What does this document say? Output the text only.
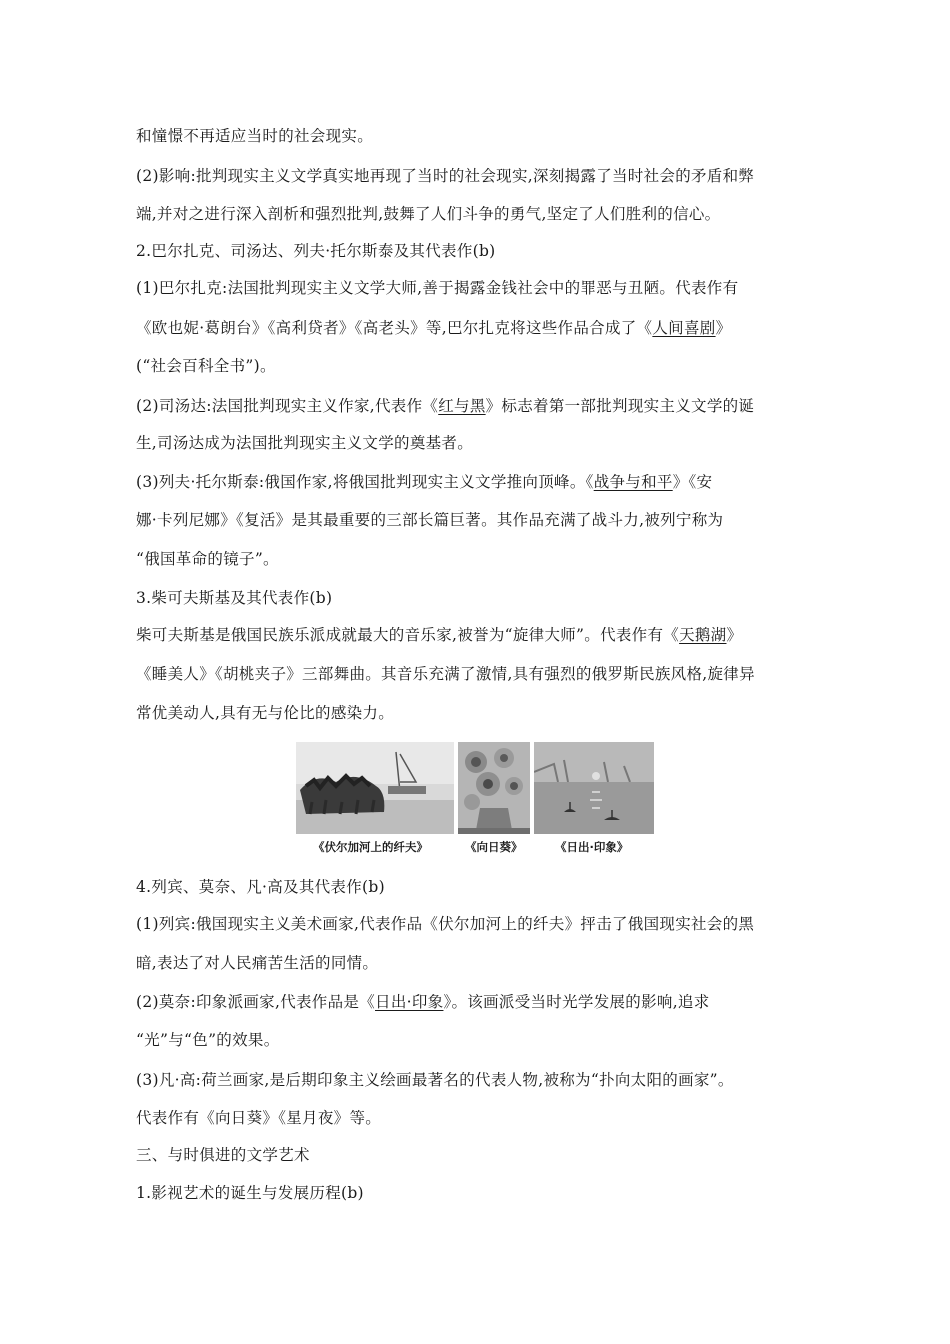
和憧憬不再适应当时的社会现实。
(2)影响:批判现实主义文学真实地再现了当时的社会现实,深刻揭露了当时社会的矛盾和弊
端,并对之进行深入剖析和强烈批判,鼓舞了人们斗争的勇气,坚定了人们胜利的信心。
2.巴尔扎克、司汤达、列夫·托尔斯泰及其代表作(b)
(1)巴尔扎克:法国批判现实主义文学大师,善于揭露金钱社会中的罪恶与丑陋。代表作有
《欧也妮·葛朗台》《高利贷者》《高老头》等,巴尔扎克将这些作品合成了《人间喜剧》
(“社会百科全书”)。
(2)司汤达:法国批判现实主义作家,代表作《红与黑》标志着第一部批判现实主义文学的诞
生,司汤达成为法国批判现实主义文学的奠基者。
(3)列夫·托尔斯泰:俄国作家,将俄国批判现实主义文学推向顶峰。《战争与和平》《安
娜·卡列尼娜》《复活》是其最重要的三部长篇巨著。其作品充满了战斗力,被列宁称为
“俄国革命的镜子”。
3.柴可夫斯基及其代表作(b)
柴可夫斯基是俄国民族乐派成就最大的音乐家,被誉为“旋律大师”。代表作有《天鹅湖》
《睡美人》《胡桃夹子》三部舞曲。其音乐充满了激情,具有强烈的俄罗斯民族风格,旋律异
常优美动人,具有无与伦比的感染力。
《伏尔加河上的纤夫》	《向日葵》	《日出·印象》
4.列宾、莫奈、凡·高及其代表作(b)
(1)列宾:俄国现实主义美术画家,代表作品《伏尔加河上的纤夫》抨击了俄国现实社会的黑
暗,表达了对人民痛苦生活的同情。
(2)莫奈:印象派画家,代表作品是《日出·印象》。该画派受当时光学发展的影响,追求
“光”与“色”的效果。
(3)凡·高:荷兰画家,是后期印象主义绘画最著名的代表人物,被称为“扑向太阳的画家”。
代表作有《向日葵》《星月夜》等。
三、与时俱进的文学艺术
1.影视艺术的诞生与发展历程(b)
